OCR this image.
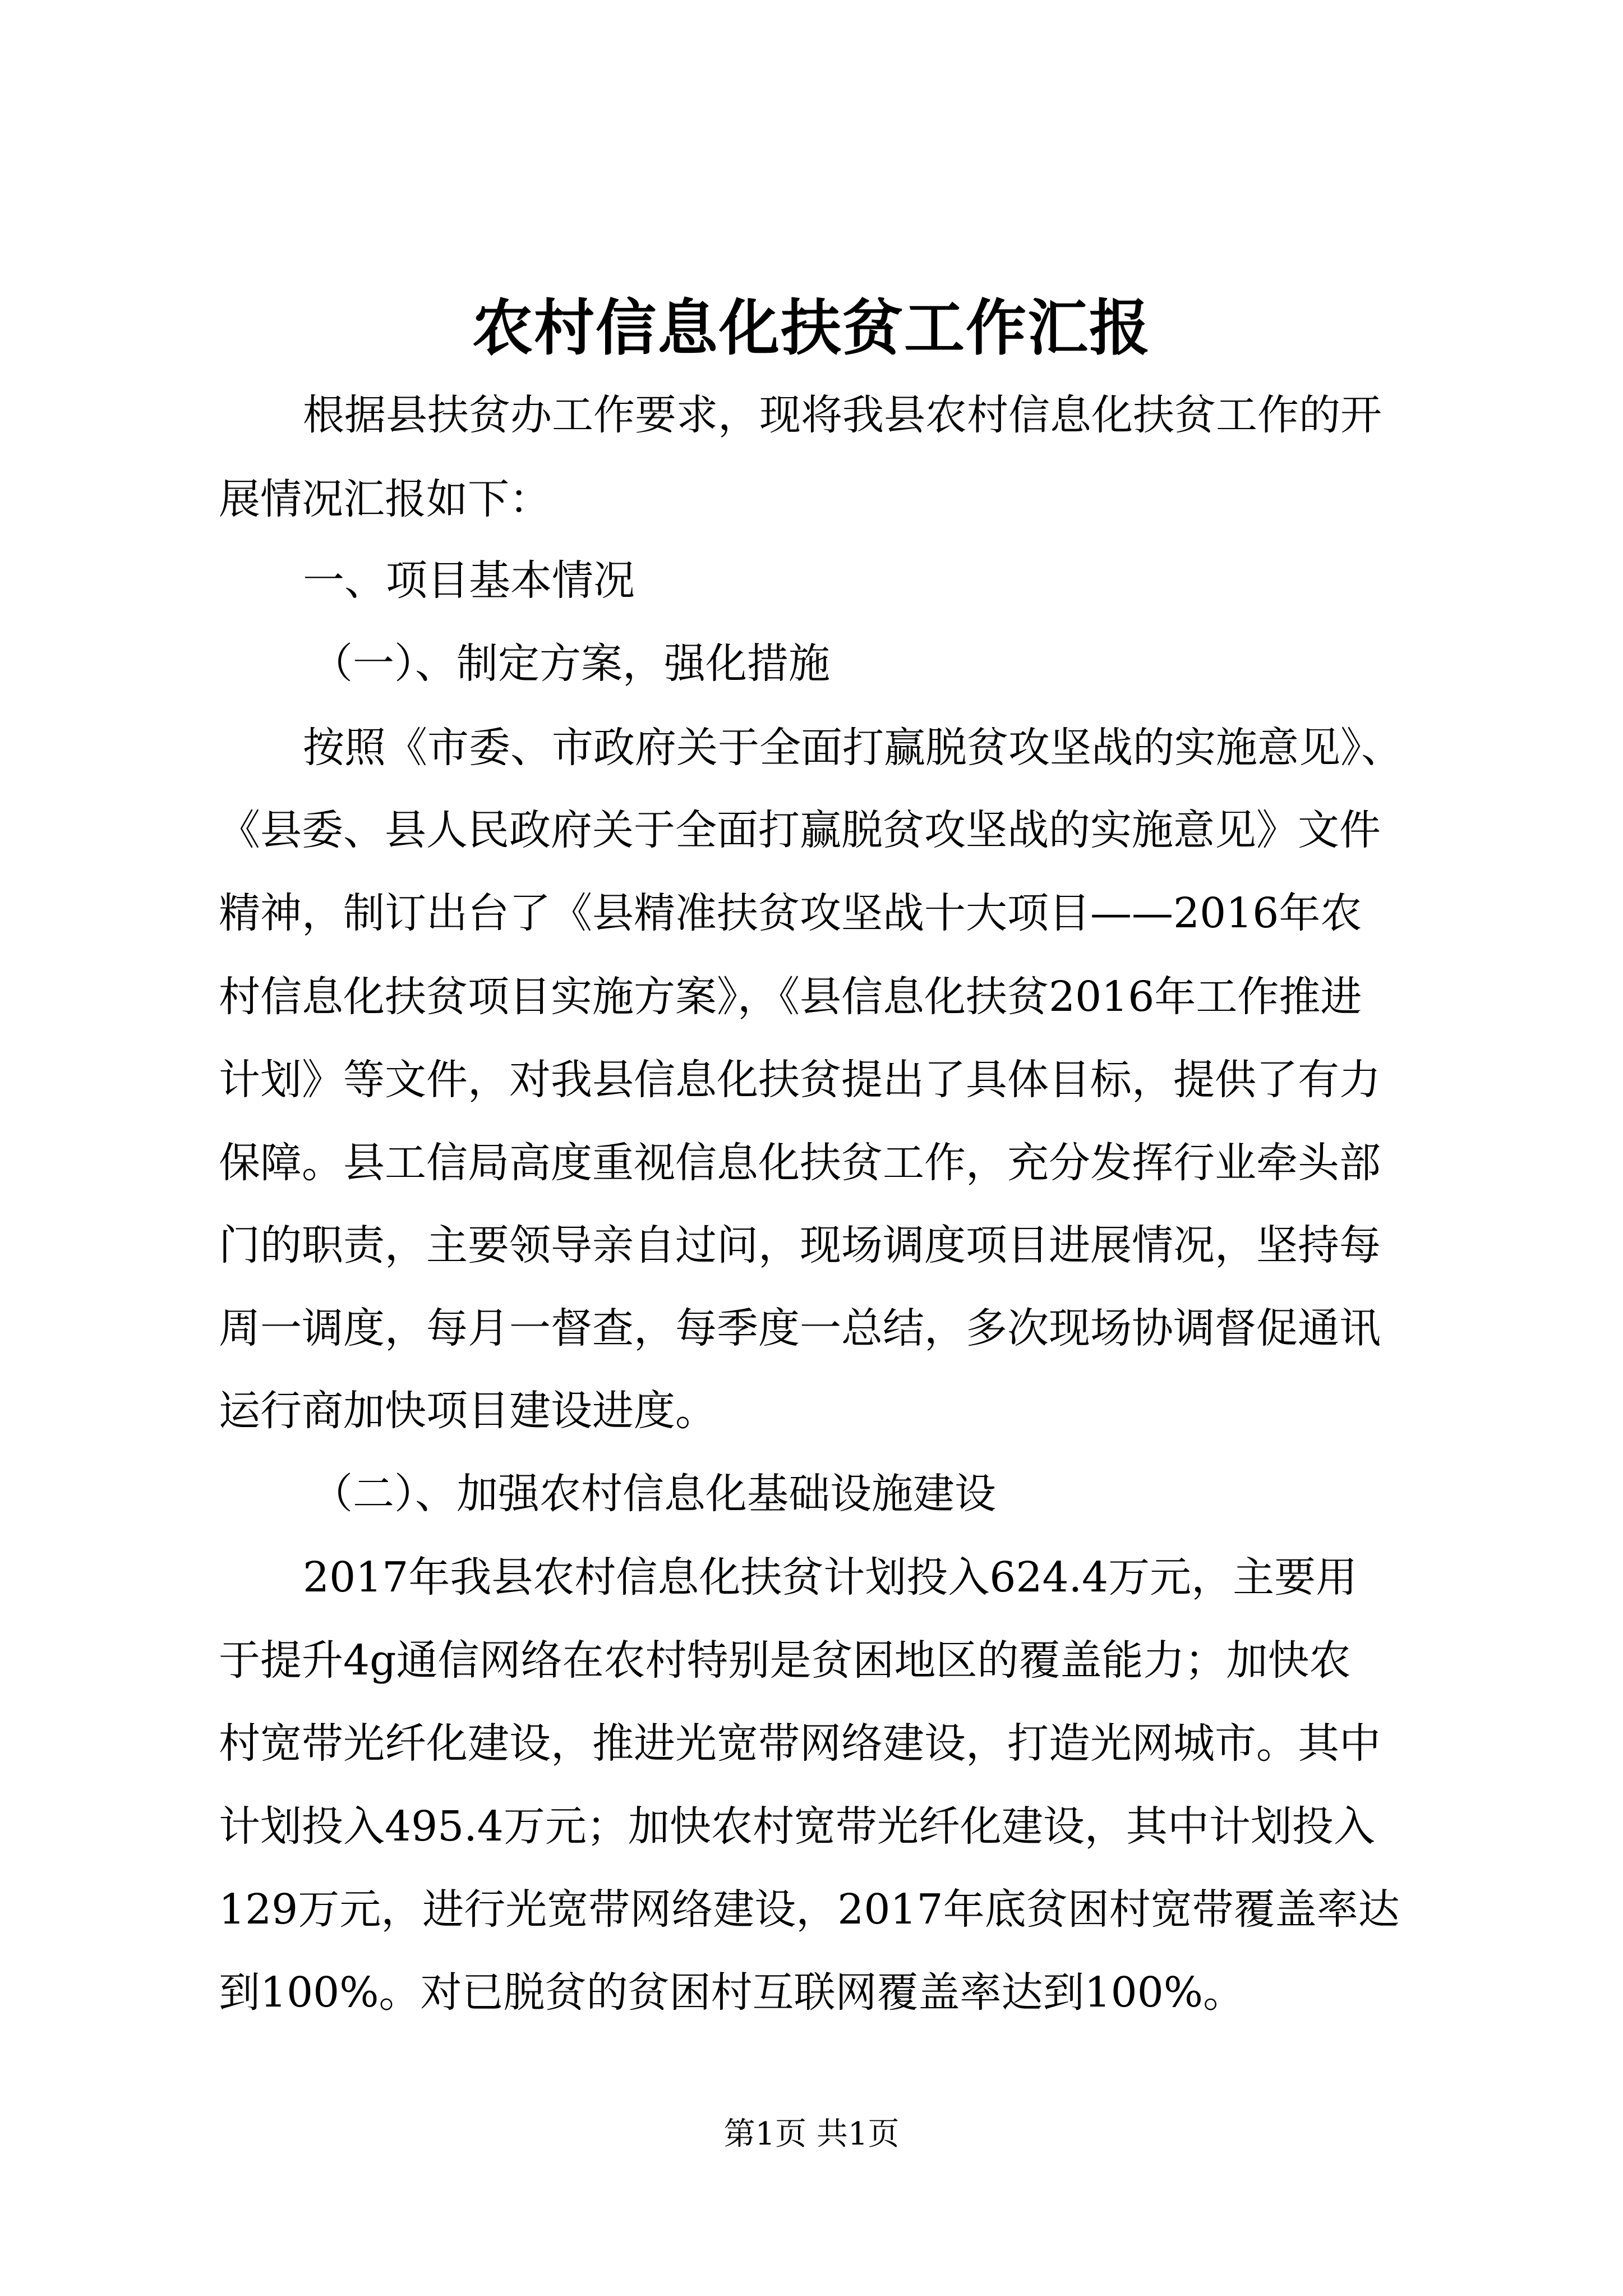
农村信息化扶贫工作汇报
根据县扶贫办工作要求，现将我县农村信息化扶贫工作的开
展情况汇报如下：
一、项目基本情况
（一）、制定方案，强化措施
按照《市委、市政府关于全面打赢脱贫攻坚战的实施意见》、
《县委、县人民政府关于全面打赢脱贫攻坚战的实施意见》文件
精神，制订出台了《县精准扶贫攻坚战十大项目——2016年农
村信息化扶贫项目实施方案》，《县信息化扶贫2016年工作推进
计划》等文件，对我县信息化扶贫提出了具体目标，提供了有力
保障。县工信局高度重视信息化扶贫工作，充分发挥行业牵头部
门的职责，主要领导亲自过问，现场调度项目进展情况，坚持每
周一调度，每月一督查，每季度一总结，多次现场协调督促通讯
运行商加快项目建设进度。
（二）、加强农村信息化基础设施建设
2017年我县农村信息化扶贫计划投入624.4万元，主要用
于提升4g通信网络在农村特别是贫困地区的覆盖能力；加快农
村宽带光纤化建设，推进光宽带网络建设，打造光网城市。其中
计划投入495.4万元；加快农村宽带光纤化建设，其中计划投入
129万元，进行光宽带网络建设，2017年底贫困村宽带覆盖率达
到100%。对已脱贫的贫困村互联网覆盖率达到100%。
第1页 共1页
